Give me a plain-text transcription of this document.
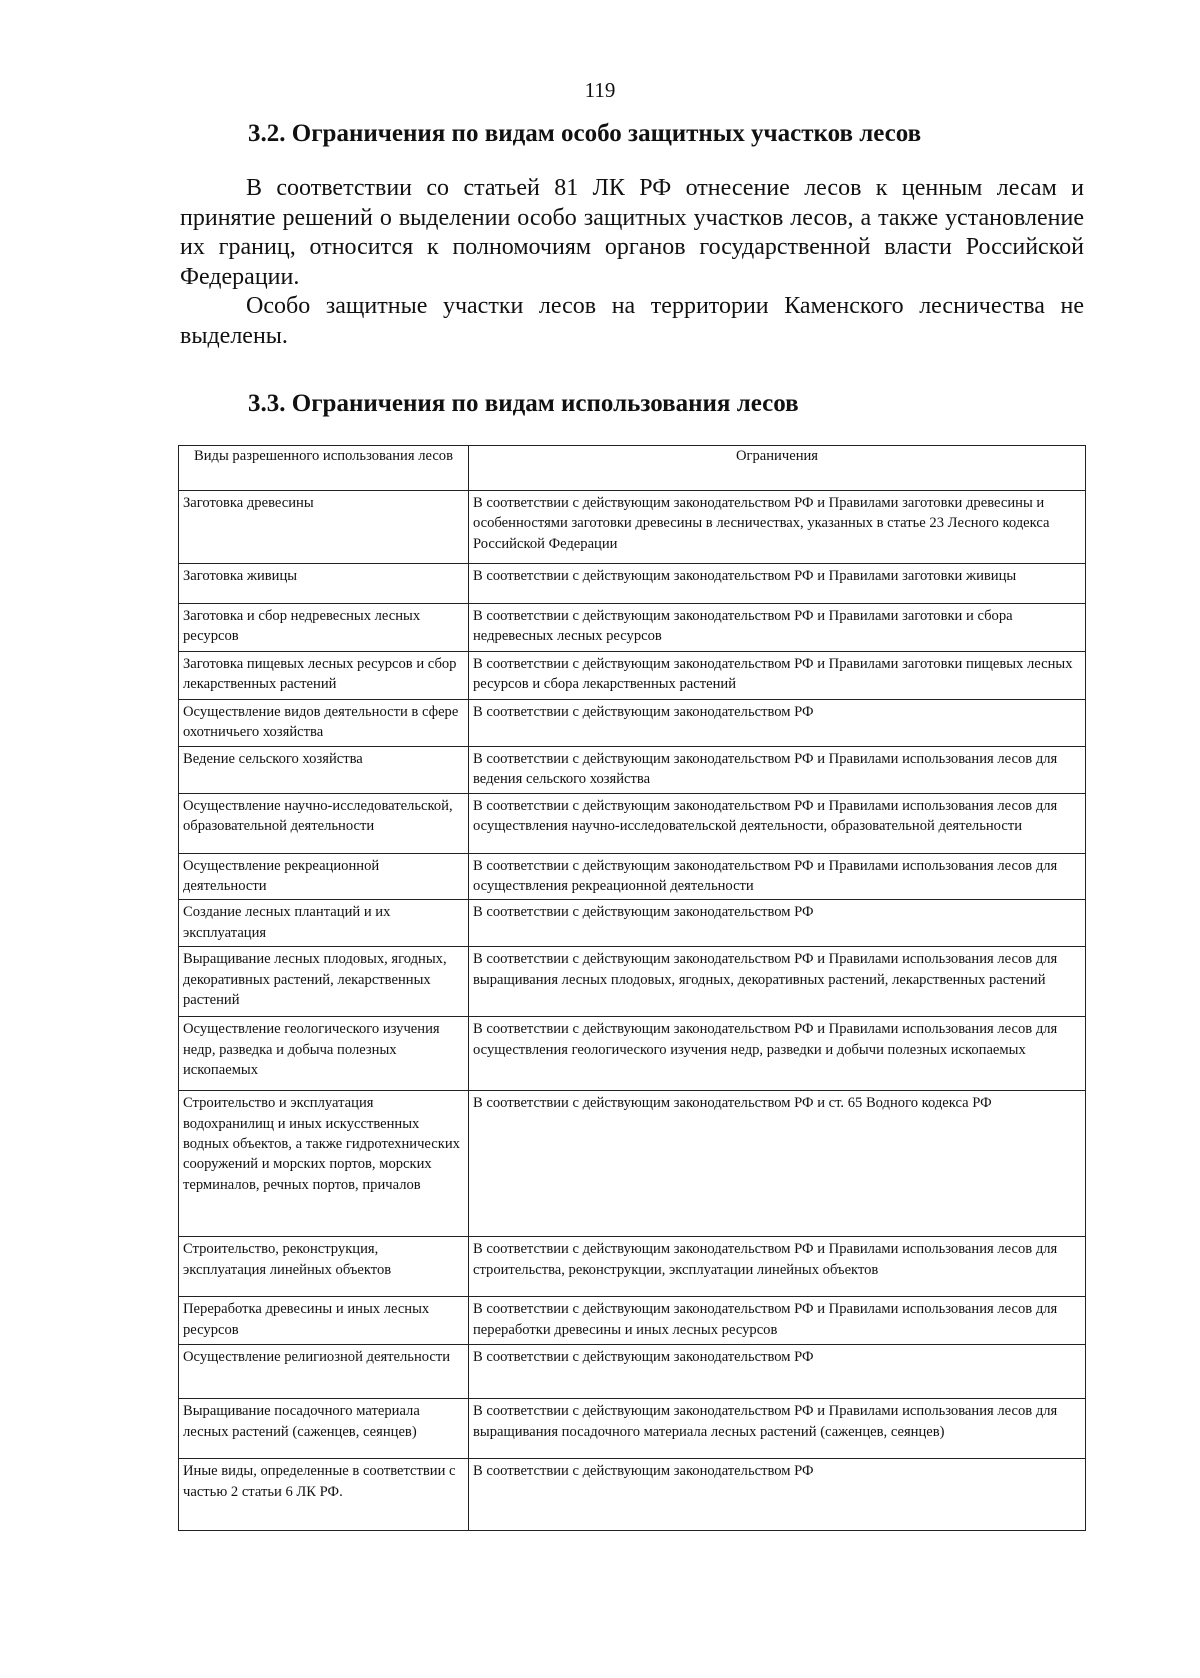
119
3.2. Ограничения по видам особо защитных участков лесов

В соответствии со статьей 81 ЛК РФ отнесение лесов к ценным лесам и принятие решений о выделении особо защитных участков лесов, а также установление их границ, относится к полномочиям органов государственной власти Российской Федерации.

Особо защитные участки лесов на территории Каменского лесничества не выделены.

3.3. Ограничения по видам использования лесов
Виды разрешенного использования лесов	Ограничения
Заготовка древесины	В соответствии с действующим законодательством РФ и Правилами заготовки древесины и особенностями заготовки древесины в лесничествах, указанных в статье 23 Лесного кодекса Российской Федерации
Заготовка живицы	В соответствии с действующим законодательством РФ и Правилами заготовки живицы
Заготовка и сбор недревесных лесных ресурсов	В соответствии с действующим законодательством РФ и Правилами заготовки и сбора недревесных лесных ресурсов
Заготовка пищевых лесных ресурсов и сбор лекарственных растений	В соответствии с действующим законодательством РФ и Правилами заготовки пищевых лесных ресурсов и сбора лекарственных растений
Осуществление видов деятельности в сфере охотничьего хозяйства	В соответствии с действующим законодательством РФ
Ведение сельского хозяйства	В соответствии с действующим законодательством РФ и Правилами использования лесов для ведения сельского хозяйства
Осуществление научно-исследовательской, образовательной деятельности	В соответствии с действующим законодательством РФ и Правилами использования лесов для осуществления научно-исследовательской деятельности, образовательной деятельности
Осуществление рекреационной деятельности	В соответствии с действующим законодательством РФ и Правилами использования лесов для осуществления рекреационной деятельности
Создание лесных плантаций и их эксплуатация	В соответствии с действующим законодательством РФ
Выращивание лесных плодовых, ягодных, декоративных растений, лекарственных растений	В соответствии с действующим законодательством РФ и Правилами использования лесов для выращивания лесных плодовых, ягодных, декоративных растений, лекарственных растений
Осуществление геологического изучения недр, разведка и добыча полезных ископаемых	В соответствии с действующим законодательством РФ и Правилами использования лесов для осуществления геологического изучения недр, разведки и добычи полезных ископаемых
Строительство и эксплуатация водохранилищ и иных искусственных водных объектов, а также гидротехнических сооружений и морских портов, морских терминалов, речных портов, причалов	В соответствии с действующим законодательством РФ и ст. 65 Водного кодекса РФ
Строительство, реконструкция, эксплуатация линейных объектов	В соответствии с действующим законодательством РФ и Правилами использования лесов для строительства, реконструкции, эксплуатации линейных объектов
Переработка древесины и иных лесных ресурсов	В соответствии с действующим законодательством РФ и Правилами использования лесов для переработки древесины и иных лесных ресурсов
Осуществление религиозной деятельности	В соответствии с действующим законодательством РФ
Выращивание посадочного материала лесных растений (саженцев, сеянцев)	В соответствии с действующим законодательством РФ и Правилами использования лесов для выращивания посадочного материала лесных растений (саженцев, сеянцев)
Иные виды, определенные в соответствии с частью 2 статьи 6 ЛК РФ.	В соответствии с действующим законодательством РФ
